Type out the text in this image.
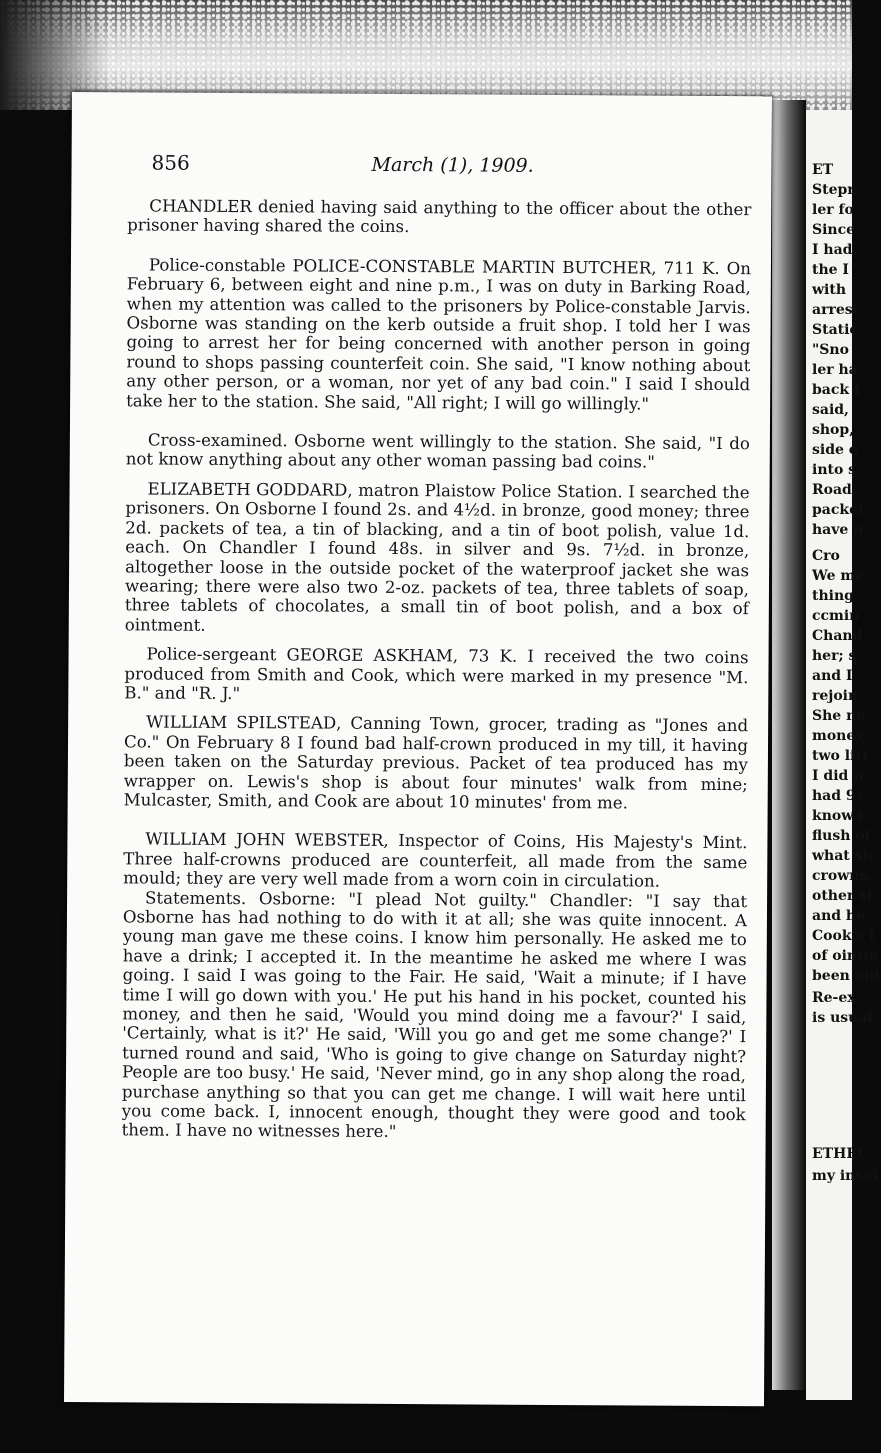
ET
Stepr
ler fo
Since
I had
the I
with
arrest
Static
"Sno
ler ha
back I
said,
shop,
side o
into s
Road,
packet
have n
Cro
We me
thing
ccmin
Chand
her; s
and I
rejoin
She ne
money,
two litt
I did n
had 9s.
know t
flush of
what sh
crowns.
other si
and he
Cook's I
of ointm
been out
Re-ex
is usual
ETHEL
my insid
856	March (1), 1909.

CHANDLER denied having said anything to the officer about the other prisoner having shared the coins.

Police-constable POLICE-CONSTABLE MARTIN BUTCHER, 711 K. On February 6, between eight and nine p.m., I was on duty in Barking Road, when my attention was called to the prisoners by Police-constable Jarvis. Osborne was standing on the kerb outside a fruit shop. I told her I was going to arrest her for being concerned with another person in going round to shops passing counterfeit coin. She said, "I know nothing about any other person, or a woman, nor yet of any bad coin." I said I should take her to the station. She said, "All right; I will go willingly."

Cross-examined. Osborne went willingly to the station. She said, "I do not know anything about any other woman passing bad coins."

ELIZABETH GODDARD, matron Plaistow Police Station. I searched the prisoners. On Osborne I found 2s. and 4½d. in bronze, good money; three 2d. packets of tea, a tin of blacking, and a tin of boot polish, value 1d. each. On Chandler I found 48s. in silver and 9s. 7½d. in bronze, altogether loose in the outside pocket of the waterproof jacket she was wearing; there were also two 2-oz. packets of tea, three tablets of soap, three tablets of chocolates, a small tin of boot polish, and a box of ointment.

Police-sergeant GEORGE ASKHAM, 73 K. I received the two coins produced from Smith and Cook, which were marked in my presence "M. B." and "R. J."

WILLIAM SPILSTEAD, Canning Town, grocer, trading as "Jones and Co." On February 8 I found bad half-crown produced in my till, it having been taken on the Saturday previous. Packet of tea produced has my wrapper on. Lewis's shop is about four minutes' walk from mine; Mulcaster, Smith, and Cook are about 10 minutes' from me.

WILLIAM JOHN WEBSTER, Inspector of Coins, His Majesty's Mint. Three half-crowns produced are counterfeit, all made from the same mould; they are very well made from a worn coin in circulation.

Statements. Osborne: "I plead Not guilty." Chandler: "I say that Osborne has had nothing to do with it at all; she was quite innocent. A young man gave me these coins. I know him personally. He asked me to have a drink; I accepted it. In the meantime he asked me where I was going. I said I was going to the Fair. He said, 'Wait a minute; if I have time I will go down with you.' He put his hand in his pocket, counted his money, and then he said, 'Would you mind doing me a favour?' I said, 'Certainly, what is it?' He said, 'Will you go and get me some change?' I turned round and said, 'Who is going to give change on Saturday night? People are too busy.' He said, 'Never mind, go in any shop along the road, purchase anything so that you can get me change. I will wait here until you come back. I, innocent enough, thought they were good and took them. I have no witnesses here."
